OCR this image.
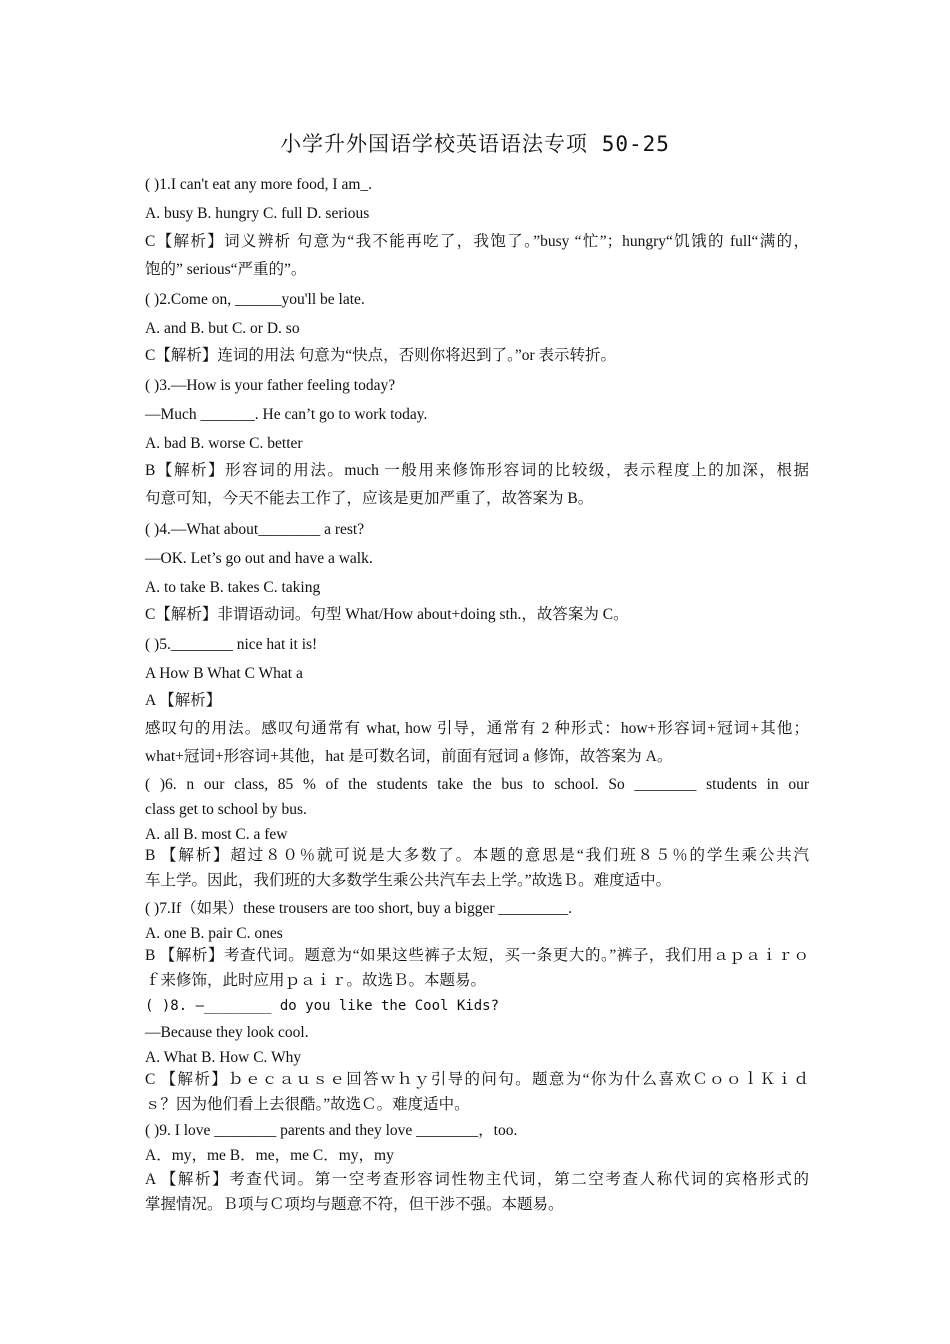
小学升外国语学校英语语法专项 50-25
( )1.I can't eat any more food, I am_.
A. busy B. hungry C. full D. serious
C【解析】词义辨析 句意为“我不能再吃了，我饱了。”busy “忙”；hungry“饥饿的 full“满的，
饱的” serious“严重的”。
( )2.Come on, ______you'll be late.
A. and B. but C. or D. so
C【解析】连词的用法 句意为“快点，否则你将迟到了。”or 表示转折。
( )3.—How is your father feeling today?
—Much _______. He can’t go to work today.
A. bad B. worse C. better
B【解析】形容词的用法。much 一般用来修饰形容词的比较级，表示程度上的加深，根据
句意可知，今天不能去工作了，应该是更加严重了，故答案为 B。
( )4.—What about________ a rest?
—OK. Let’s go out and have a walk.
A. to take B. takes C. taking
C【解析】非谓语动词。句型 What/How about+doing sth.，故答案为 C。
( )5.________ nice hat it is!
A How B What C What a
A 【解析】
感叹句的用法。感叹句通常有 what, how 引导，通常有 2 种形式：how+形容词+冠词+其他；
what+冠词+形容词+其他，hat 是可数名词，前面有冠词 a 修饰，故答案为 A。
( )6. n our class, 85 % of the students take the bus to school. So ________ students in our
class get to school by bus.
A. all B. most C. a few
B 【解析】超过８０％就可说是大多数了。本题的意思是“我们班８５％的学生乘公共汽
车上学。因此，我们班的大多数学生乘公共汽车去上学。”故选Ｂ。难度适中。
( )7.If（如果）these trousers are too short, buy a bigger _________.
A. one B. pair C. ones
B 【解析】考查代词。题意为“如果这些裤子太短，买一条更大的。”裤子，我们用ａｐａｉｒｏ
ｆ来修饰，此时应用ｐａｉｒ。故选Ｂ。本题易。
( )8. —________ do you like the Cool Kids?
—Because they look cool.
A. What B. How C. Why
C 【解析】ｂｅｃａｕｓｅ回答ｗｈｙ引导的问句。题意为“你为什么喜欢ＣｏｏｌＫｉｄ
ｓ？因为他们看上去很酷。”故选Ｃ。难度适中。
( )9. I love ________ parents and they love ________，too.
A．my，me B．me，me C．my，my
A 【解析】考查代词。第一空考查形容词性物主代词，第二空考查人称代词的宾格形式的
掌握情况。Ｂ项与Ｃ项均与题意不符，但干涉不强。本题易。
